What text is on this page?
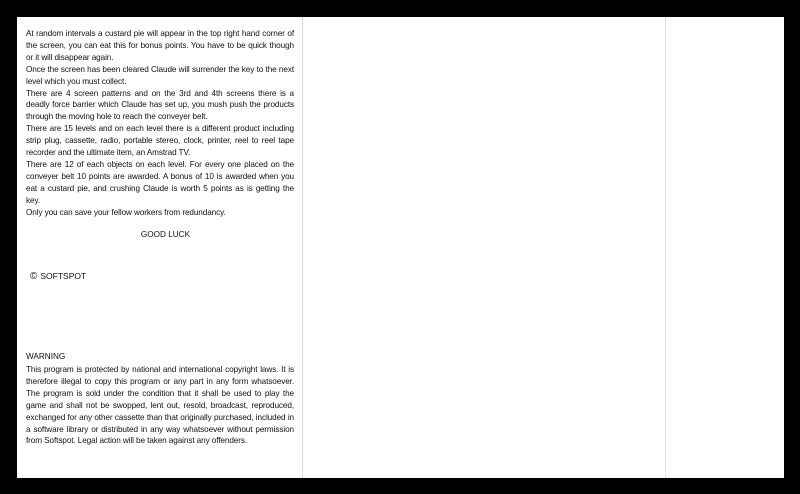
At random intervals a custard pie will appear in the top right hand corner of the screen, you can eat this for bonus points. You have to be quick though or it will disappear again.

Once the screen has been cleared Claude will surrender the key to the next level which you must collect.

There are 4 screen patterns and on the 3rd and 4th screens there is a deadly force barrier which Claude has set up, you mush push the products through the moving hole to reach the conveyer belt.

There are 15 levels and on each level there is a different product including strip plug, cassette, radio, portable stereo, clock, printer, reel to reel tape recorder and the ultimate item, an Amstrad TV.

There are 12 of each objects on each level. For every one placed on the conveyer belt 10 points are awarded. A bonus of 10 is awarded when you eat a custard pie, and crushing Claude is worth 5 points as is getting the key.

Only you can save your fellow workers from redundancy.

GOOD LUCK
© SOFTSPOT
WARNING
This program is protected by national and international copyright laws. It is therefore illegal to copy this program or any part in any form whatsoever. The program is sold under the condition that it shall be used to play the game and shall not be swopped, lent out, resold, broadcast, reproduced, exchanged for any other cassette than that originally purchased, included in a software library or distributed in any way whatsoever without permission from Softspot. Legal action will be taken against any offenders.
